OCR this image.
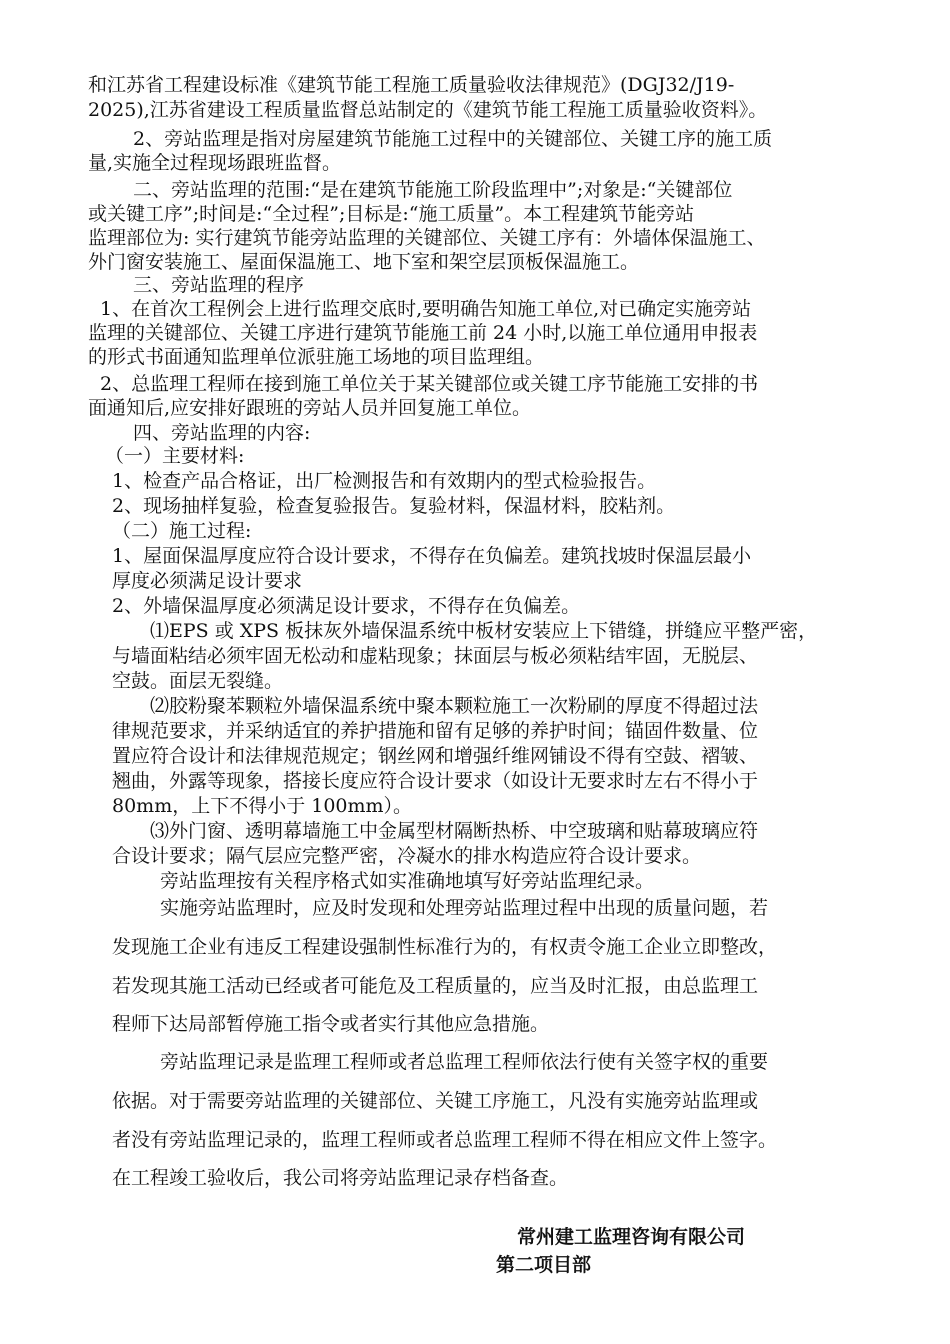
和江苏省工程建设标准《建筑节能工程施工质量验收法律规范》(DGJ32/J19-
2025),江苏省建设工程质量监督总站制定的《建筑节能工程施工质量验收资料》。
2、旁站监理是指对房屋建筑节能施工过程中的关键部位、关键工序的施工质
量,实施全过程现场跟班监督。
二、旁站监理的范围:“是在建筑节能施工阶段监理中”;对象是:“关键部位
或关键工序”;时间是:“全过程”;目标是:“施工质量”。本工程建筑节能旁站
监理部位为: 实行建筑节能旁站监理的关键部位、关键工序有：外墙体保温施工、
外门窗安装施工、屋面保温施工、地下室和架空层顶板保温施工。
三、旁站监理的程序
1、在首次工程例会上进行监理交底时,要明确告知施工单位,对已确定实施旁站
监理的关键部位、关键工序进行建筑节能施工前 24 小时,以施工单位通用申报表
的形式书面通知监理单位派驻施工场地的项目监理组。
2、总监理工程师在接到施工单位关于某关键部位或关键工序节能施工安排的书
面通知后,应安排好跟班的旁站人员并回复施工单位。
四、旁站监理的内容:
（一）主要材料:
1、检查产品合格证，出厂检测报告和有效期内的型式检验报告。
2、现场抽样复验，检查复验报告。复验材料，保温材料，胶粘剂。
（二）施工过程:
1、屋面保温厚度应符合设计要求，不得存在负偏差。建筑找坡时保温层最小
厚度必须满足设计要求
2、外墙保温厚度必须满足设计要求，不得存在负偏差。
⑴EPS 或 XPS 板抹灰外墙保温系统中板材安装应上下错缝，拼缝应平整严密，
与墙面粘结必须牢固无松动和虚粘现象；抹面层与板必须粘结牢固，无脱层、
空鼓。面层无裂缝。
⑵胶粉聚苯颗粒外墙保温系统中聚本颗粒施工一次粉刷的厚度不得超过法
律规范要求，并采纳适宜的养护措施和留有足够的养护时间；锚固件数量、位
置应符合设计和法律规范规定；钢丝网和增强纤维网铺设不得有空鼓、褶皱、
翘曲，外露等现象，搭接长度应符合设计要求（如设计无要求时左右不得小于
80mm，上下不得小于 100mm）。
⑶外门窗、透明幕墙施工中金属型材隔断热桥、中空玻璃和贴幕玻璃应符
合设计要求；隔气层应完整严密，冷凝水的排水构造应符合设计要求。
旁站监理按有关程序格式如实准确地填写好旁站监理纪录。
实施旁站监理时，应及时发现和处理旁站监理过程中出现的质量问题，若
发现施工企业有违反工程建设强制性标准行为的，有权责令施工企业立即整改，
若发现其施工活动已经或者可能危及工程质量的，应当及时汇报，由总监理工
程师下达局部暂停施工指令或者实行其他应急措施。
旁站监理记录是监理工程师或者总监理工程师依法行使有关签字权的重要
依据。对于需要旁站监理的关键部位、关键工序施工，凡没有实施旁站监理或
者没有旁站监理记录的，监理工程师或者总监理工程师不得在相应文件上签字。
在工程竣工验收后，我公司将旁站监理记录存档备查。
常州建工监理咨询有限公司
第二项目部
